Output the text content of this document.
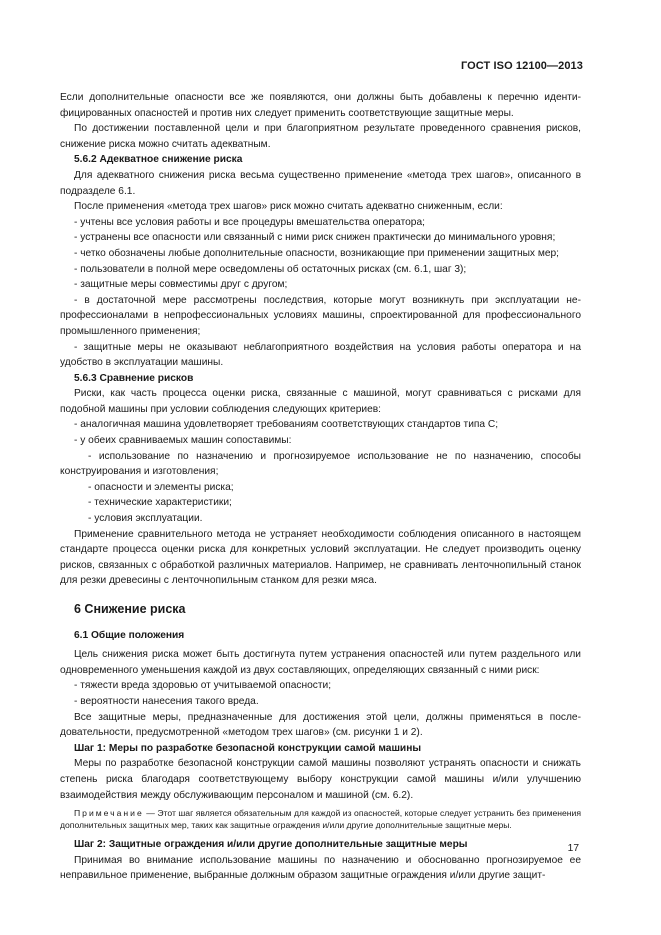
ГОСТ ISO 12100—2013

Если дополнительные опасности все же появляются, они должны быть добавлены к перечню идентифицированных опасностей и против них следует применить соответствующие защитные меры.

По достижении поставленной цели и при благоприятном результате проведенного сравнения рисков, снижение риска можно считать адекватным.

5.6.2 Адекватное снижение риска

Для адекватного снижения риска весьма существенно применение «метода трех шагов», описанного в подразделе 6.1.

После применения «метода трех шагов» риск можно считать адекватно сниженным, если:

- учтены все условия работы и все процедуры вмешательства оператора;

- устранены все опасности или связанный с ними риск снижен практически до минимального уровня;

- четко обозначены любые дополнительные опасности, возникающие при применении защитных мер;

- пользователи в полной мере осведомлены об остаточных рисках (см. 6.1, шаг 3);

- защитные меры совместимы друг с другом;

- в достаточной мере рассмотрены последствия, которые могут возникнуть при эксплуатации непрофессионалами в непрофессиональных условиях машины, спроектированной для профессионального промышленного применения;

- защитные меры не оказывают неблагоприятного воздействия на условия работы оператора и на удобство в эксплуатации машины.

5.6.3 Сравнение рисков

Риски, как часть процесса оценки риска, связанные с машиной, могут сравниваться с рисками для подобной машины при условии соблюдения следующих критериев:

- аналогичная машина удовлетворяет требованиям соответствующих стандартов типа С;

- у обеих сравниваемых машин сопоставимы:

- использование по назначению и прогнозируемое использование не по назначению, способы конструирования и изготовления;

- опасности и элементы риска;

- технические характеристики;

- условия эксплуатации.

Применение сравнительного метода не устраняет необходимости соблюдения описанного в настоящем стандарте процесса оценки риска для конкретных условий эксплуатации. Не следует производить оценку рисков, связанных с обработкой различных материалов. Например, не сравнивать ленточнопильный станок для резки древесины с ленточнопильным станком для резки мяса.

6 Снижение риска
6.1 Общие положения

Цель снижения риска может быть достигнута путем устранения опасностей или путем раздельного или одновременного уменьшения каждой из двух составляющих, определяющих связанный с ними риск:

- тяжести вреда здоровью от учитываемой опасности;

- вероятности нанесения такого вреда.

Все защитные меры, предназначенные для достижения этой цели, должны применяться в последовательности, предусмотренной «методом трех шагов» (см. рисунки 1 и 2).

Шаг 1: Меры по разработке безопасной конструкции самой машины

Меры по разработке безопасной конструкции самой машины позволяют устранять опасности и снижать степень риска благодаря соответствующему выбору конструкции самой машины и/или улучшению взаимодействия между обслуживающим персоналом и машиной (см. 6.2).

Примечание — Этот шаг является обязательным для каждой из опасностей, которые следует устранить без применения дополнительных защитных мер, таких как защитные ограждения и/или другие дополнительные защитные меры.

Шаг 2: Защитные ограждения и/или другие дополнительные защитные меры

Принимая во внимание использование машины по назначению и обоснованно прогнозируемое ее неправильное применение, выбранные должным образом защитные ограждения и/или другие защит-

17
